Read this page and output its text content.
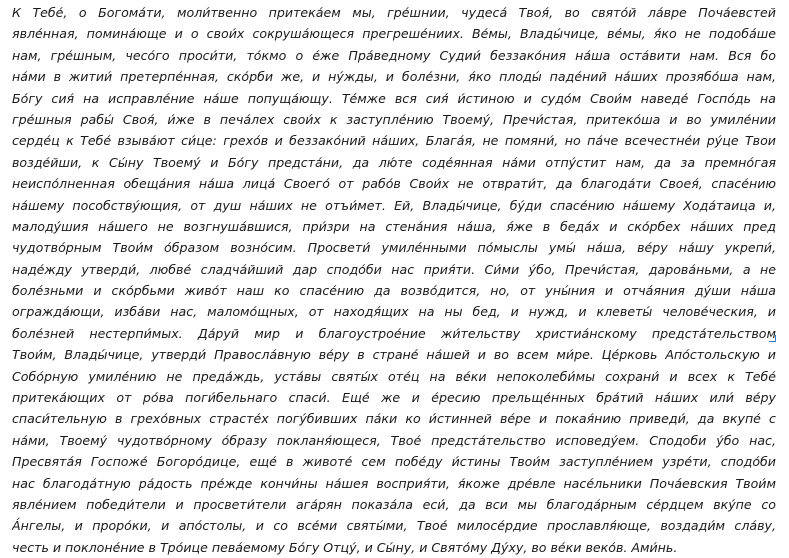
К Тебе́, о Богома́ти, моли́твенно притека́ем мы, гре́шнии, чудеса́ Твоя́, во свято́й ла́вре Поча́евстей
явле́нная, помина́юще и о свои́х сокруша́ющеся прегреше́ниих. Ве́мы, Влады́чице, ве́мы, я́ко не подоба́ше
нам, гре́шным, чесо́го проси́ти, то́кмо о е́же Пра́ведному Судии́ беззако́ния на́ша оста́вити нам. Вся бо
на́ми в житии́ претерпе́нная, ско́рби же, и ну́жды, и боле́зни, я́ко плоды́ паде́ний на́ших прозябо́ша нам,
Бо́гу сия́ на исправле́ние на́ше попуща́ющу. Те́мже вся сия́ и́стиною и судо́м Свои́м наведе́ Госпо́дь на
гре́шныя рабы́ Своя́, и́же в печа́лех свои́х к заступле́нию Твоему́, Пречи́стая, притеко́ша и во умиле́нии
серде́ц к Тебе́ взыва́ют си́це: грехо́в и беззако́ний на́ших, Блага́я, не помяни́, но па́че всечестне́и ру́це Твои
возде́йши, к Сы́ну Твоему́ и Бо́гу предста́ни, да лю́те соде́янная на́ми отпу́стит нам, да за премно́гая
неиспо́лненная обеща́ния на́ша лица́ Своего́ от рабо́в Свои́х не отврати́т, да благода́ти Своея́, спасе́нию
на́шему пособству́ющия, от душ на́ших не отъи́мет. Ей, Влады́чице, бу́ди спасе́нию на́шему Хода́таица и,
малоду́шия на́шего не возгнуша́вшися, при́зри на стена́ния на́ша, я́же в беда́х и ско́рбех на́ших пред
чудотво́рным Твои́м о́бразом возно́сим. Просвети́ умиле́нными по́мыслы умы́ на́ша, ве́ру на́шу укрепи́,
наде́жду утверди́, любве́ сладча́йший дар сподо́би нас прия́ти. Си́ми у́бо, Пречи́стая, дарова́ньми, а не
боле́зньми и ско́рбьми живо́т наш ко спасе́нию да возво́дится, но, от уны́ния и отча́яния ду́ши на́ша
огражда́ющи, изба́ви нас, маломо́щных, от находя́щих на ны бед, и нужд, и клеветы́ челове́ческия, и
боле́зней нестерпи́мых. Да́руй мир и благоустрое́ние жи́тельству христиа́нскому предста́тельством
Твои́м, Влады́чице, утверди́ Правосла́вную ве́ру в стране́ на́шей и во всем ми́ре. Це́рковь Апо́стольскую и
Собо́рную умиле́нию не преда́ждь, уста́вы святы́х оте́ц на ве́ки непоколеби́мы сохрани́ и всех к Тебе́
притека́ющих от ро́ва поги́бельнаго спаси́. Еще́ же и е́ресию прельще́нных бра́тий на́ших или́ ве́ру
спаси́тельную в грехо́вных страсте́х погу́бивших па́ки ко и́стинней ве́ре и покая́нию приведи́, да вкупе́ с
на́ми, Твоему́ чудотво́рному о́бразу покланя́ющеся, Твое́ предста́тельство исповеду́ем. Сподоби у́бо нас,
Пресвята́я Госпоже́ Богоро́дице, еще́ в животе́ сем побе́ду и́стины Твои́м заступле́нием узре́ти, сподо́би
нас благода́тную ра́дость пре́жде кончи́ны на́шея восприя́ти, я́коже дре́вле насе́льники Поча́евския Твои́м
явле́нием победи́тели и просвети́тели ага́рян показа́ла еси́, да вси мы благода́рным се́рдцем вку́пе со
А́нгелы, и проро́ки, и апо́столы, и со все́ми святы́ми, Твое́ милосе́рдие прославля́юще, воздади́м сла́ву,
честь и поклоне́ние в Тро́ице пева́емому Бо́гу Отцу́, и Сы́ну, и Свято́му Ду́ху, во ве́ки веко́в. Ами́нь.
